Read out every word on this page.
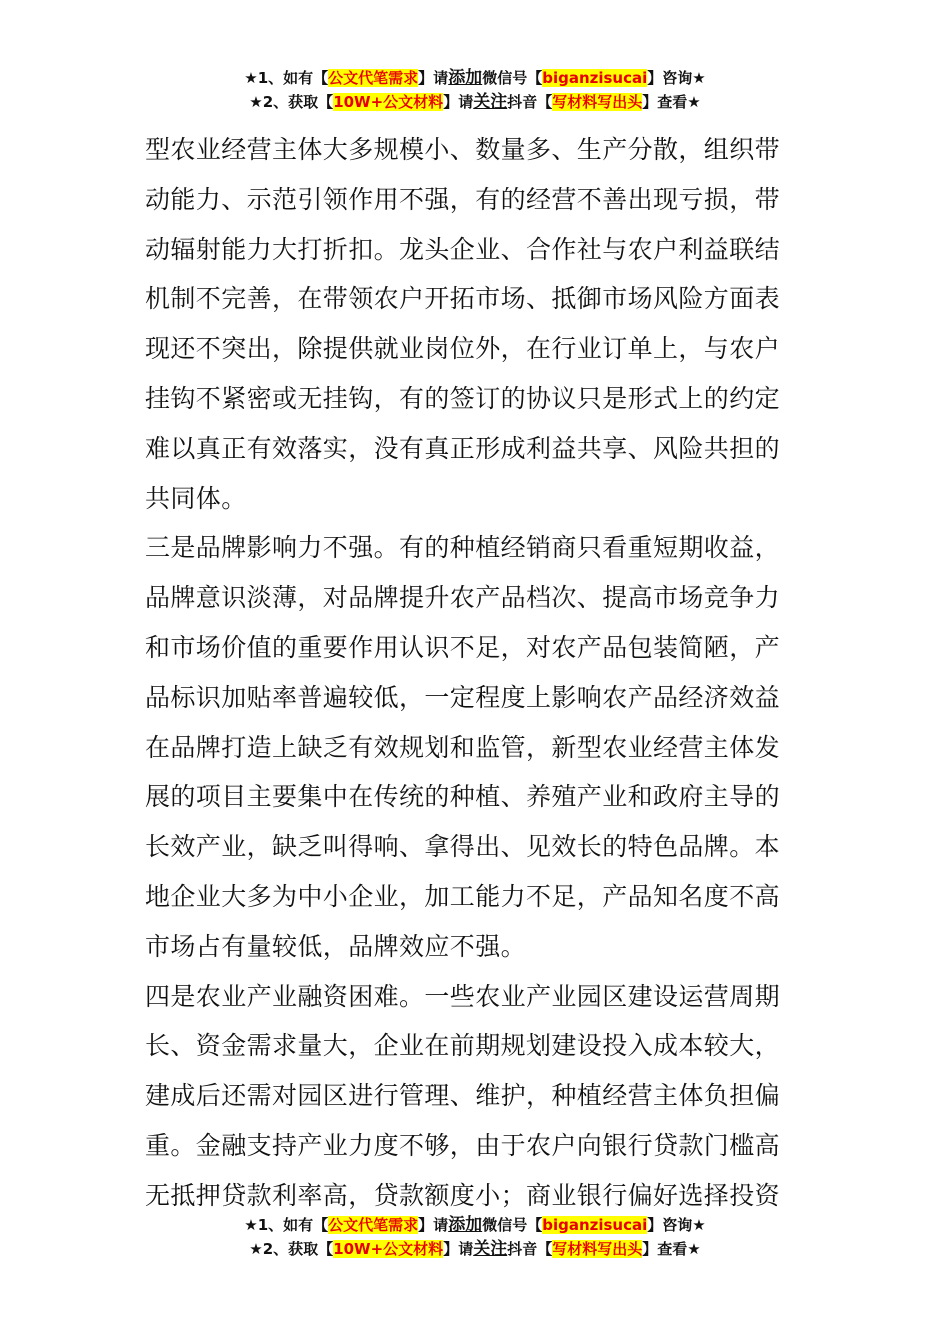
★1、如有【公文代笔需求】请添加微信号【biganzisucai】咨询★
★2、获取【10W+公文材料】请关注抖音【写材料写出头】查看★
型农业经营主体大多规模小、数量多、生产分散，组织带
动能力、示范引领作用不强，有的经营不善出现亏损，带
动辐射能力大打折扣。龙头企业、合作社与农户利益联结
机制不完善，在带领农户开拓市场、抵御市场风险方面表
现还不突出，除提供就业岗位外，在行业订单上，与农户
挂钩不紧密或无挂钩，有的签订的协议只是形式上的约定
难以真正有效落实，没有真正形成利益共享、风险共担的
共同体。
三是品牌影响力不强。有的种植经销商只看重短期收益，
品牌意识淡薄，对品牌提升农产品档次、提高市场竞争力
和市场价值的重要作用认识不足，对农产品包装简陋，产
品标识加贴率普遍较低，一定程度上影响农产品经济效益
在品牌打造上缺乏有效规划和监管，新型农业经营主体发
展的项目主要集中在传统的种植、养殖产业和政府主导的
长效产业，缺乏叫得响、拿得出、见效长的特色品牌。本
地企业大多为中小企业，加工能力不足，产品知名度不高
市场占有量较低，品牌效应不强。
四是农业产业融资困难。一些农业产业园区建设运营周期
长、资金需求量大，企业在前期规划建设投入成本较大，
建成后还需对园区进行管理、维护，种植经营主体负担偏
重。金融支持产业力度不够，由于农户向银行贷款门槛高
无抵押贷款利率高，贷款额度小；商业银行偏好选择投资
★1、如有【公文代笔需求】请添加微信号【biganzisucai】咨询★
★2、获取【10W+公文材料】请关注抖音【写材料写出头】查看★
